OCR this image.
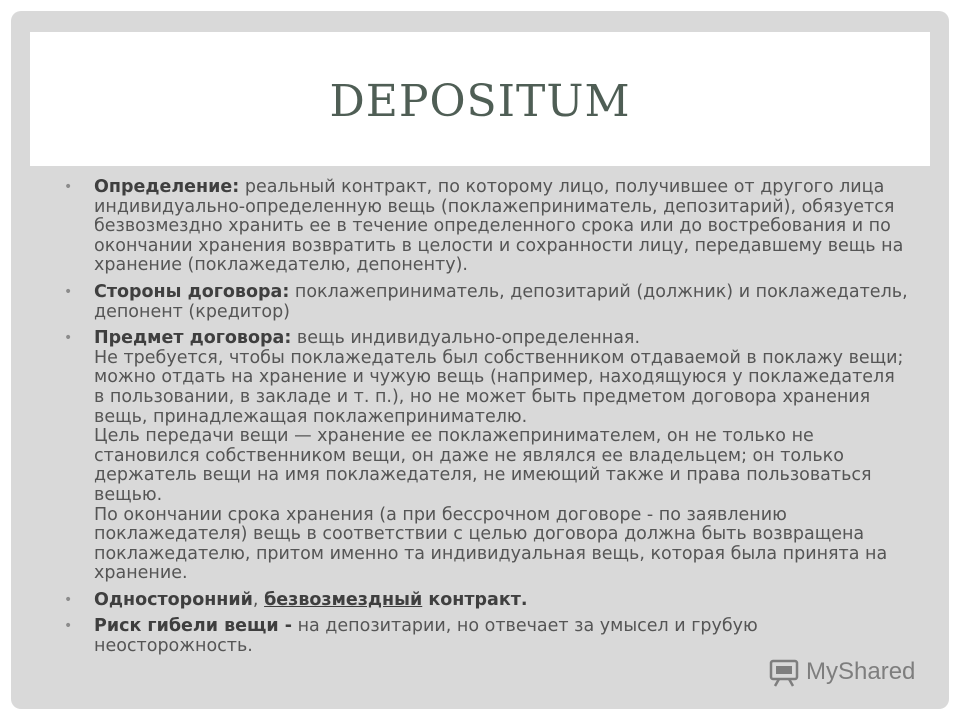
DEPOSITUM
• Определение: реальный контракт, по которому лицо, получившее от другого лица индивидуально-определенную вещь (поклажеприниматель, депозитарий), обязуется безвозмездно хранить ее в течение определенного срока или до востребования и по окончании хранения возвратить в целости и сохранности лицу, передавшему вещь на хранение (поклажедателю, депоненту).
• Стороны договора: поклажеприниматель, депозитарий (должник) и поклажедатель, депонент (кредитор)
• Предмет договора: вещь индивидуально-определенная.
Не требуется, чтобы поклажедатель был собственником отдаваемой в поклажу вещи; можно отдать на хранение и чужую вещь (например, находящуюся у поклажедателя в пользовании, в закладе и т. п.), но не может быть предметом договора хранения вещь, принадлежащая поклажепринимателю.
Цель передачи вещи — хранение ее поклажепринимателем, он не только не становился собственником вещи, он даже не являлся ее владельцем; он только держатель вещи на имя поклажедателя, не имеющий также и права пользоваться вещью.
По окончании срока хранения (а при бессрочном договоре - по заявлению поклажедателя) вещь в соответствии с целью договора должна быть возвращена поклажедателю, притом именно та индивидуальная вещь, которая была принята на хранение.
• Односторонний, безвозмездный контракт.
• Риск гибели вещи - на депозитарии, но отвечает за умысел и грубую неосторожность.
MyShared
